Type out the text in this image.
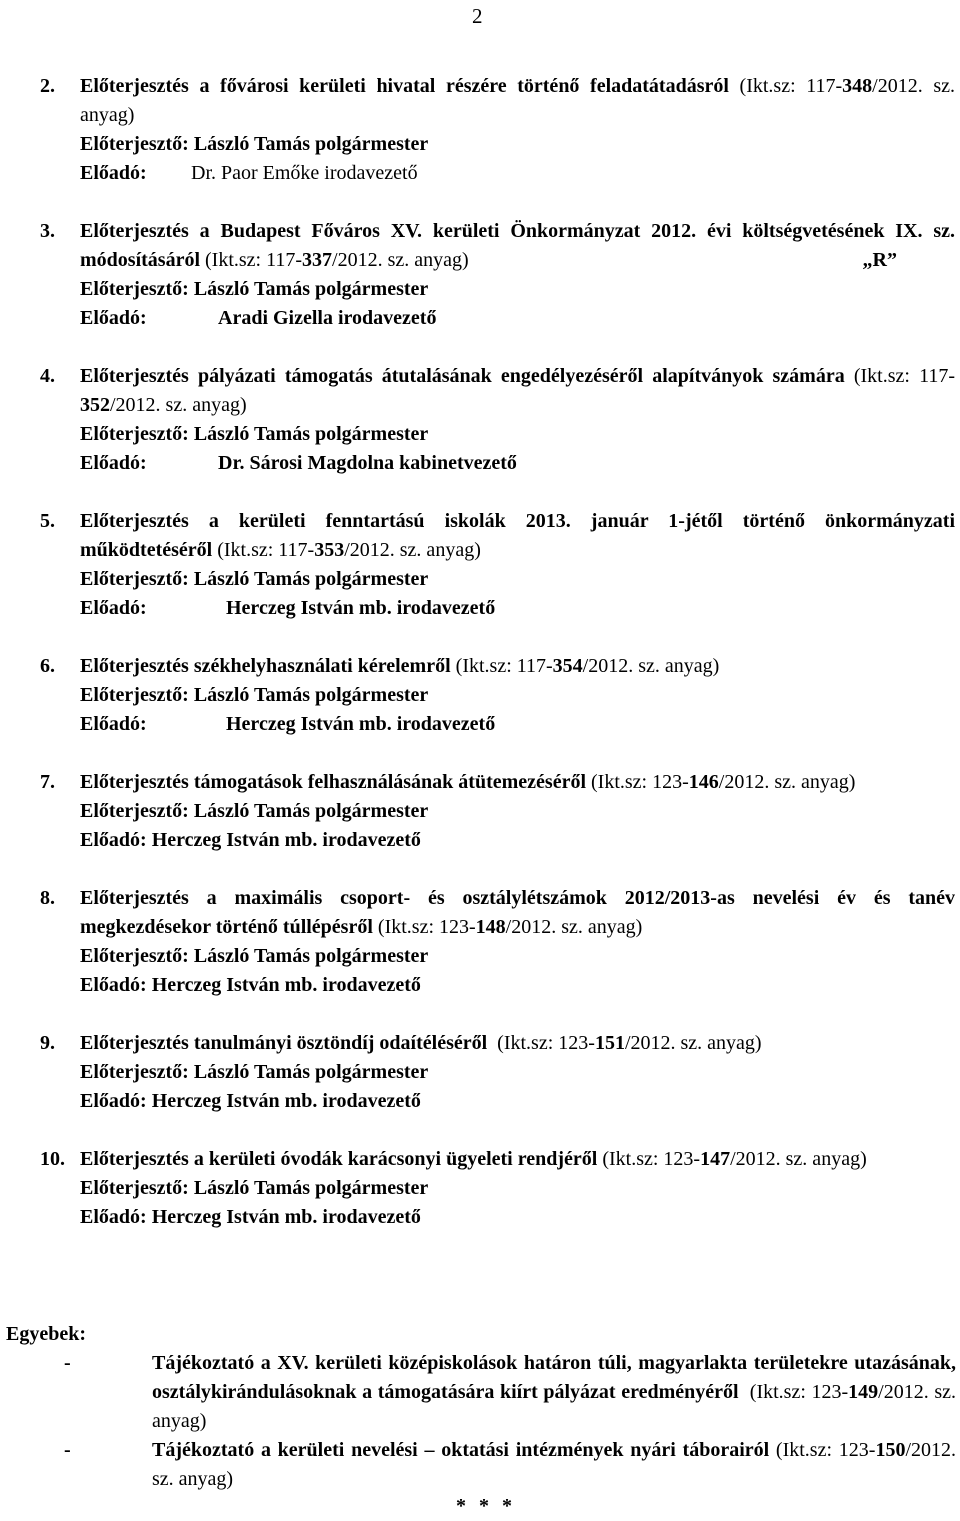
2
2. Előterjesztés a fővárosi kerületi hivatal részére történő feladatátadásról (Ikt.sz: 117-348/2012. sz. anyag)
Előterjesztő: László Tamás polgármester
Előadó: Dr. Paor Emőke irodavezető
3. Előterjesztés a Budapest Főváros XV. kerületi Önkormányzat 2012. évi költségvetésének IX. sz. módosításáról (Ikt.sz: 117-337/2012. sz. anyag)	„R”
Előterjesztő: László Tamás polgármester
Előadó:	Aradi Gizella irodavezető
4. Előterjesztés pályázati támogatás átutalásának engedélyezéséről alapítványok számára (Ikt.sz: 117-352/2012. sz. anyag)
Előterjesztő: László Tamás polgármester
Előadó:	Dr. Sárosi Magdolna kabinetvezető
5. Előterjesztés a kerületi fenntartású iskolák 2013. január 1-jétől történő önkormányzati működtetéséről (Ikt.sz: 117-353/2012. sz. anyag)
Előterjesztő: László Tamás polgármester
Előadó:	Herczeg István mb. irodavezető
6. Előterjesztés székhelyhasználati kérelemről (Ikt.sz: 117-354/2012. sz. anyag)
Előterjesztő: László Tamás polgármester
Előadó:	Herczeg István mb. irodavezető
7. Előterjesztés támogatások felhasználásának átütemezéséről (Ikt.sz: 123-146/2012. sz. anyag)
Előterjesztő: László Tamás polgármester
Előadó: Herczeg István mb. irodavezető
8. Előterjesztés a maximális csoport- és osztálylétszámok 2012/2013-as nevelési év és tanév megkezdésekor történő túllépésről (Ikt.sz: 123-148/2012. sz. anyag)
Előterjesztő: László Tamás polgármester
Előadó: Herczeg István mb. irodavezető
9. Előterjesztés tanulmányi ösztöndíj odaítéléséről  (Ikt.sz: 123-151/2012. sz. anyag)
Előterjesztő: László Tamás polgármester
Előadó: Herczeg István mb. irodavezető
10. Előterjesztés a kerületi óvodák karácsonyi ügyeleti rendjéről (Ikt.sz: 123-147/2012. sz. anyag)
Előterjesztő: László Tamás polgármester
Előadó: Herczeg István mb. irodavezető
Egyebek:
-	Tájékoztató a XV. kerületi középiskolások határon túli, magyarlakta területekre utazásának, osztálykirándulásoknak a támogatására kiírt pályázat eredményéről  (Ikt.sz: 123-149/2012. sz. anyag)
-	Tájékoztató a kerületi nevelési – oktatási intézmények nyári táborairól (Ikt.sz: 123-150/2012. sz. anyag)
* * *
